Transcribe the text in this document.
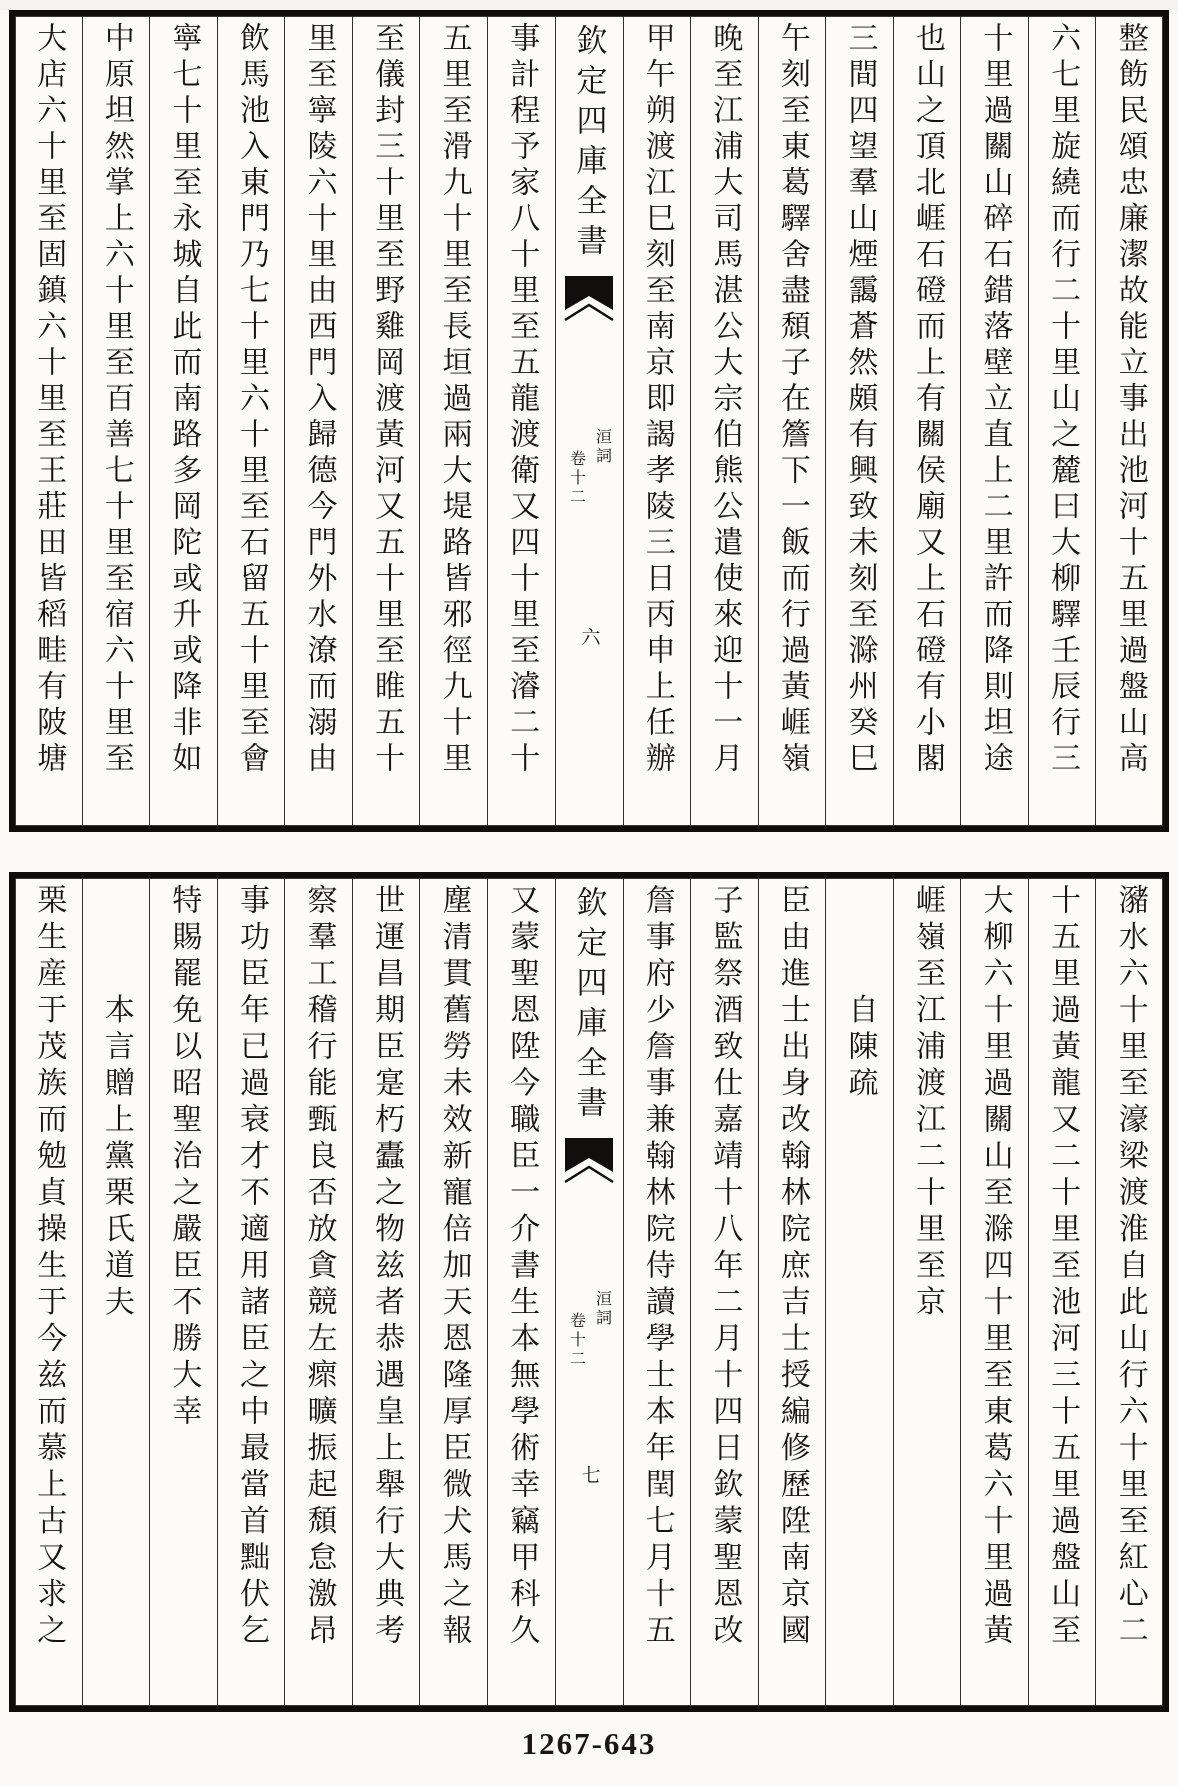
整飭民頌忠廉潔故能立事出池河十五里過盤山高
六七里旋繞而行二十里山之麓曰大柳驛壬辰行三
十里過關山碎石錯落壁立直上二里許而降則坦途
也山之頂北崕石磴而上有關侯廟又上石磴有小閣
三間四望羣山煙靄蒼然頗有興致未刻至滁州癸巳
午刻至東葛驛舍盡頹子在簷下一飯而行過黃崕嶺
晚至江浦大司馬湛公大宗伯熊公遣使來迎十一月
甲午朔渡江巳刻至南京即謁孝陵三日丙申上任辦
欽定四庫全書
洹詞
卷十二
六
事計程予家八十里至五龍渡衛又四十里至濬二十
五里至滑九十里至長垣過兩大堤路皆邪徑九十里
至儀封三十里至野雞岡渡黃河又五十里至睢五十
里至寧陵六十里由西門入歸德今門外水潦而溺由
飲馬池入東門乃七十里六十里至石留五十里至會
寧七十里至永城自此而南路多岡陀或升或降非如
中原坦然掌上六十里至百善七十里至宿六十里至
大店六十里至固鎮六十里至王莊田皆稻畦有陂塘
瀦水六十里至濠梁渡淮自此山行六十里至紅心二
十五里過黃龍又二十里至池河三十五里過盤山至
大柳六十里過關山至滁四十里至東葛六十里過黃
崕嶺至江浦渡江二十里至京
　　　自陳疏
臣由進士出身改翰林院庶吉士授編修歷陞南京國
子監祭酒致仕嘉靖十八年二月十四日欽蒙聖恩改
詹事府少詹事兼翰林院侍讀學士本年閏七月十五
欽定四庫全書
洹詞
卷十二
七
又蒙聖恩陞今職臣一介書生本無學術幸竊甲科久
塵清貫舊勞未效新寵倍加天恩隆厚臣微犬馬之報
世運昌期臣寔朽蠹之物兹者恭遇皇上舉行大典考
察羣工稽行能甄良否放貪競左瘝曠振起頹怠激昂
事功臣年已過衰才不適用諸臣之中最當首黜伏乞
特賜罷免以昭聖治之嚴臣不勝大幸
　　　本言贈上黨栗氏道夫
栗生産于茂族而勉貞操生于今兹而慕上古又求之
1267-643
